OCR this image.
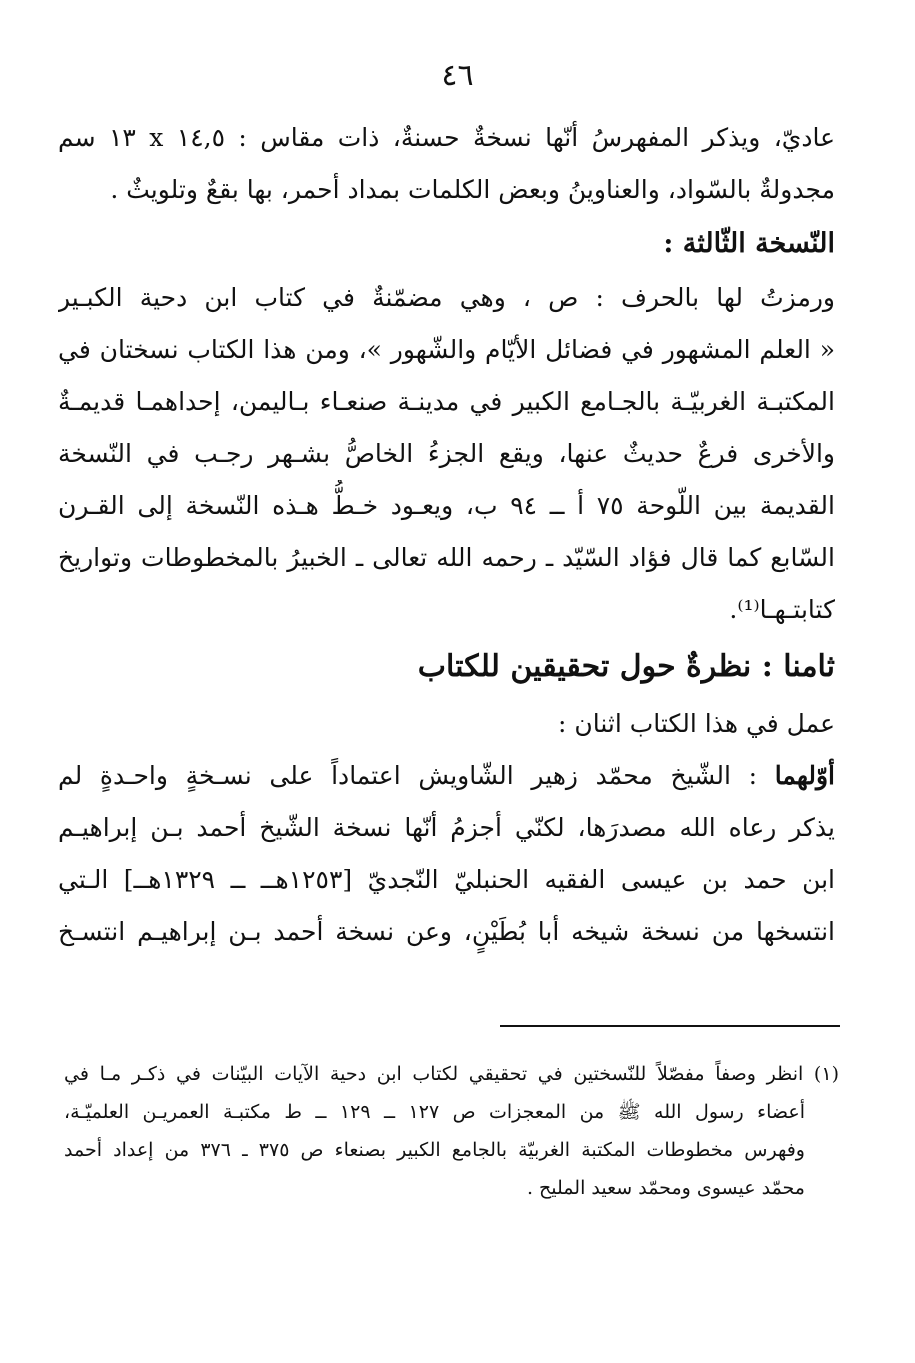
٤٦
عاديّ، ويذكر المفهرسُ أنّها نسخةٌ حسنةٌ، ذات مقاس : ١٤,٥ x ١٣ سم
مجدولةٌ بالسّواد، والعناوينُ وبعض الكلمات بمداد أحمر، بها بقعٌ وتلويثٌ .
النّسخة الثّالثة :
ورمزتُ لها بالحرف : ص ، وهي مضمّنةٌ في كتاب ابن دحية الكبـير
« العلم المشهور في فضائل الأيّام والشّهور »، ومن هذا الكتاب نسختان في
المكتبـة الغربيّـة بالجـامع الكبير في مدينـة صنعـاء بـاليمن، إحداهمـا قديمـةٌ
والأخرى فرعٌ حديثٌ عنها، ويقع الجزءُ الخاصُّ بشـهر رجـب في النّسخة
القديمة بين اللّوحة ٧٥ أ ــ ٩٤ ب، ويعـود خـطُّ هـذه النّسخة إلى القـرن
السّابع كما قال فؤاد السّيّد ـ رحمه الله تعالى ـ الخبيرُ بالمخطوطات وتواريخ
كتابتـهـا⁽¹⁾.
ثامنا : نظرةٌ حول تحقيقين للكتاب
عمل في هذا الكتاب اثنان :
أوّلهما : الشّيخ محمّد زهير الشّاويش اعتماداً على نسـخةٍ واحـدةٍ لم
يذكر رعاه الله مصدرَها، لكنّي أجزمُ أنّها نسخة الشّيخ أحمد بـن إبراهيـم
ابن حمد بن عيسى الفقيه الحنبليّ النّجديّ [١٢٥٣هــ ــ ١٣٢٩هــ] الـتي
انتسخها من نسخة شيخه أبا بُطَيْنٍ، وعن نسخة أحمد بـن إبراهيـم انتسـخ
(١) انظر وصفاً مفصّلاً للنّسختين في تحقيقي لكتاب ابن دحية الآيات البيّنات في ذكـر مـا في
أعضاء رسول الله ﷺ من المعجزات ص ١٢٧ ــ ١٢٩ ــ ط مكتبـة العمريـن العلميّـة،
وفهرس مخطوطات المكتبة الغربيّة بالجامع الكبير بصنعاء ص ٣٧٥ ـ ٣٧٦ من إعداد أحمد
محمّد عيسوى ومحمّد سعيد المليح .
